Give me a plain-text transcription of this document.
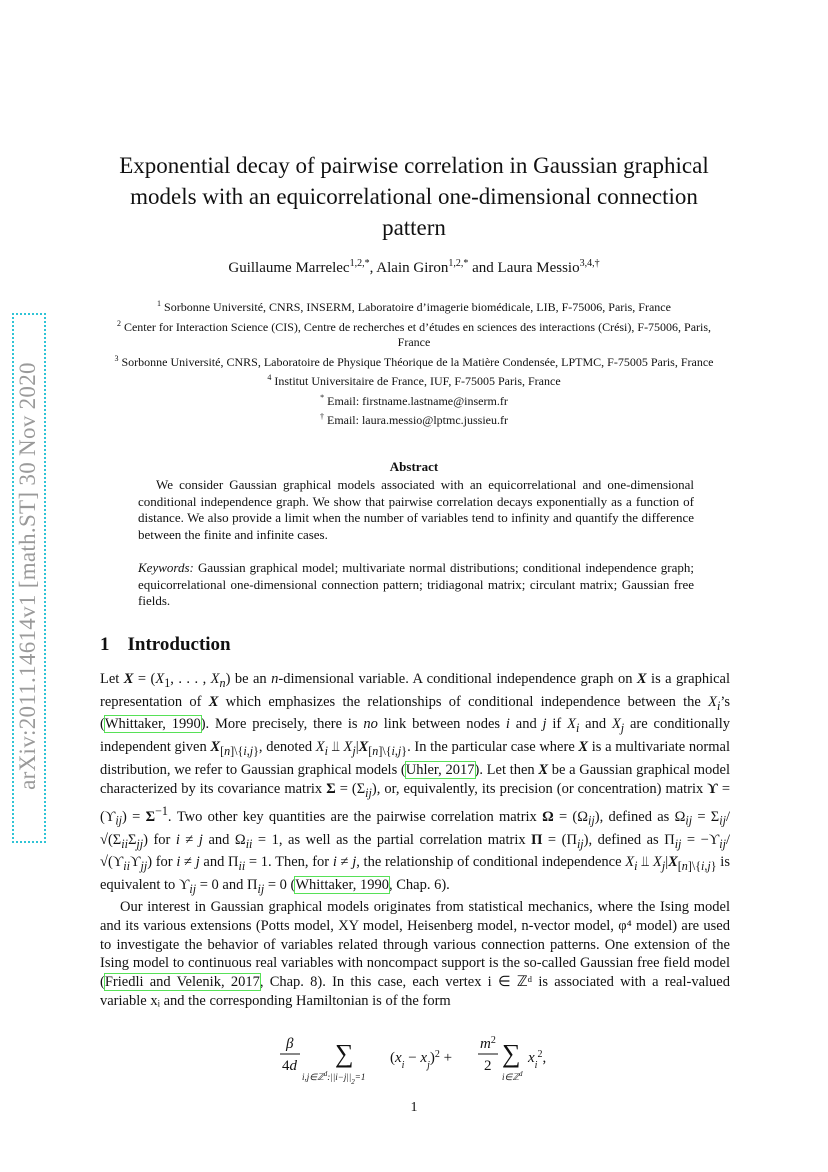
arXiv:2011.14614v1 [math.ST] 30 Nov 2020
Exponential decay of pairwise correlation in Gaussian graphical
models with an equicorrelational one-dimensional connection
pattern
Guillaume Marrelec$^{1,2,*}$, Alain Giron$^{1,2,*}$ and Laura Messio$^{3,4,\dagger}$
$^1$ Sorbonne Université, CNRS, INSERM, Laboratoire d’imagerie biomédicale, LIB, F-75006, Paris, France
$^2$ Center for Interaction Science (CIS), Centre de recherches et d’études en sciences des interactions (Crési), F-75006, Paris, France
$^3$ Sorbonne Université, CNRS, Laboratoire de Physique Théorique de la Matière Condensée, LPTMC, F-75005 Paris, France
$^4$ Institut Universitaire de France, IUF, F-75005 Paris, France
* Email: firstname.lastname@inserm.fr
† Email: laura.messio@lptmc.jussieu.fr
Abstract
We consider Gaussian graphical models associated with an equicorrelational and one-dimensional conditional independence graph. We show that pairwise correlation decays exponentially as a function of distance. We also provide a limit when the number of variables tend to infinity and quantify the difference between the finite and infinite cases.
Keywords: Gaussian graphical model; multivariate normal distributions; conditional independence graph; equicorrelational one-dimensional connection pattern; tridiagonal matrix; circulant matrix; Gaussian free fields.
1 Introduction
Let $X = (X_1$, . . . , $X_n$) be an n-dimensional variable. A conditional independence graph on X is a graphical representation of X which emphasizes the relationships of conditional independence between the $X_i’s$ (Whittaker, 1990). More precisely, there is no link between nodes i and j if $X_i$ and $X_j$ are conditionally independent given $X_{[n]\backslash\{i,j\}}$, denoted $X_i$ ⫫ $X_j|X_{[n]\backslash\{i,j\}}$. In the particular case where X is a multivariate normal distribution, we refer to Gaussian graphical models (Uhler, 2017). Let then X be a Gaussian graphical model characterized by its covariance matrix $\Sigma = (\Sigma_{ij})$, or, equivalently, its precision (or concentration) matrix $ϒ = (ϒ_{ij}) = \Sigma^{-1}$. Two other key quantities are the pairwise correlation matrix $\Omega = (\Omega_{ij})$, defined as $\Omega_{ij} = \Sigma_{ij}/√(\Sigma_{ii}\Sigma_{jj})$ for i ≠ j and $\Omega_{ii} = 1$, as well as the partial correlation matrix $\Pi = (\Pi_{ij})$, defined as $\Pi_{ij} = -ϒ_{ij}/√(ϒ_{ii}ϒ_{jj})$ for i ≠ j and $\Pi_{ii} = 1$. Then, for i ≠ j, the relationship of conditional independence $X_i$ ⫫ $X_j|X_{[n]\backslash\{i,j\}}$ is equivalent to $ϒ_{ij} = 0$ and $\Pi_{ij} = 0$ (Whittaker, 1990, Chap. 6).
Our interest in Gaussian graphical models originates from statistical mechanics, where the Ising model and its various extensions (Potts model, XY model, Heisenberg model, n-vector model, φ⁴ model) are used to investigate the behavior of variables related through various connection patterns. One extension of the Ising model to continuous real variables with noncompact support is the so-called Gaussian free field model (Friedli and Velenik, 2017, Chap. 8). In this case, each vertex i ∈ ℤᵈ is associated with a real-valued variable xᵢ and the corresponding Hamiltonian is of the form
β
4d ∑
$i,j\in ℤ^d:||i-j||_2=1$
$(x_i - x_j)^2$ +
$m^2$
2 ∑
i∈ℤ$^d$
$x_i^2$,
1
